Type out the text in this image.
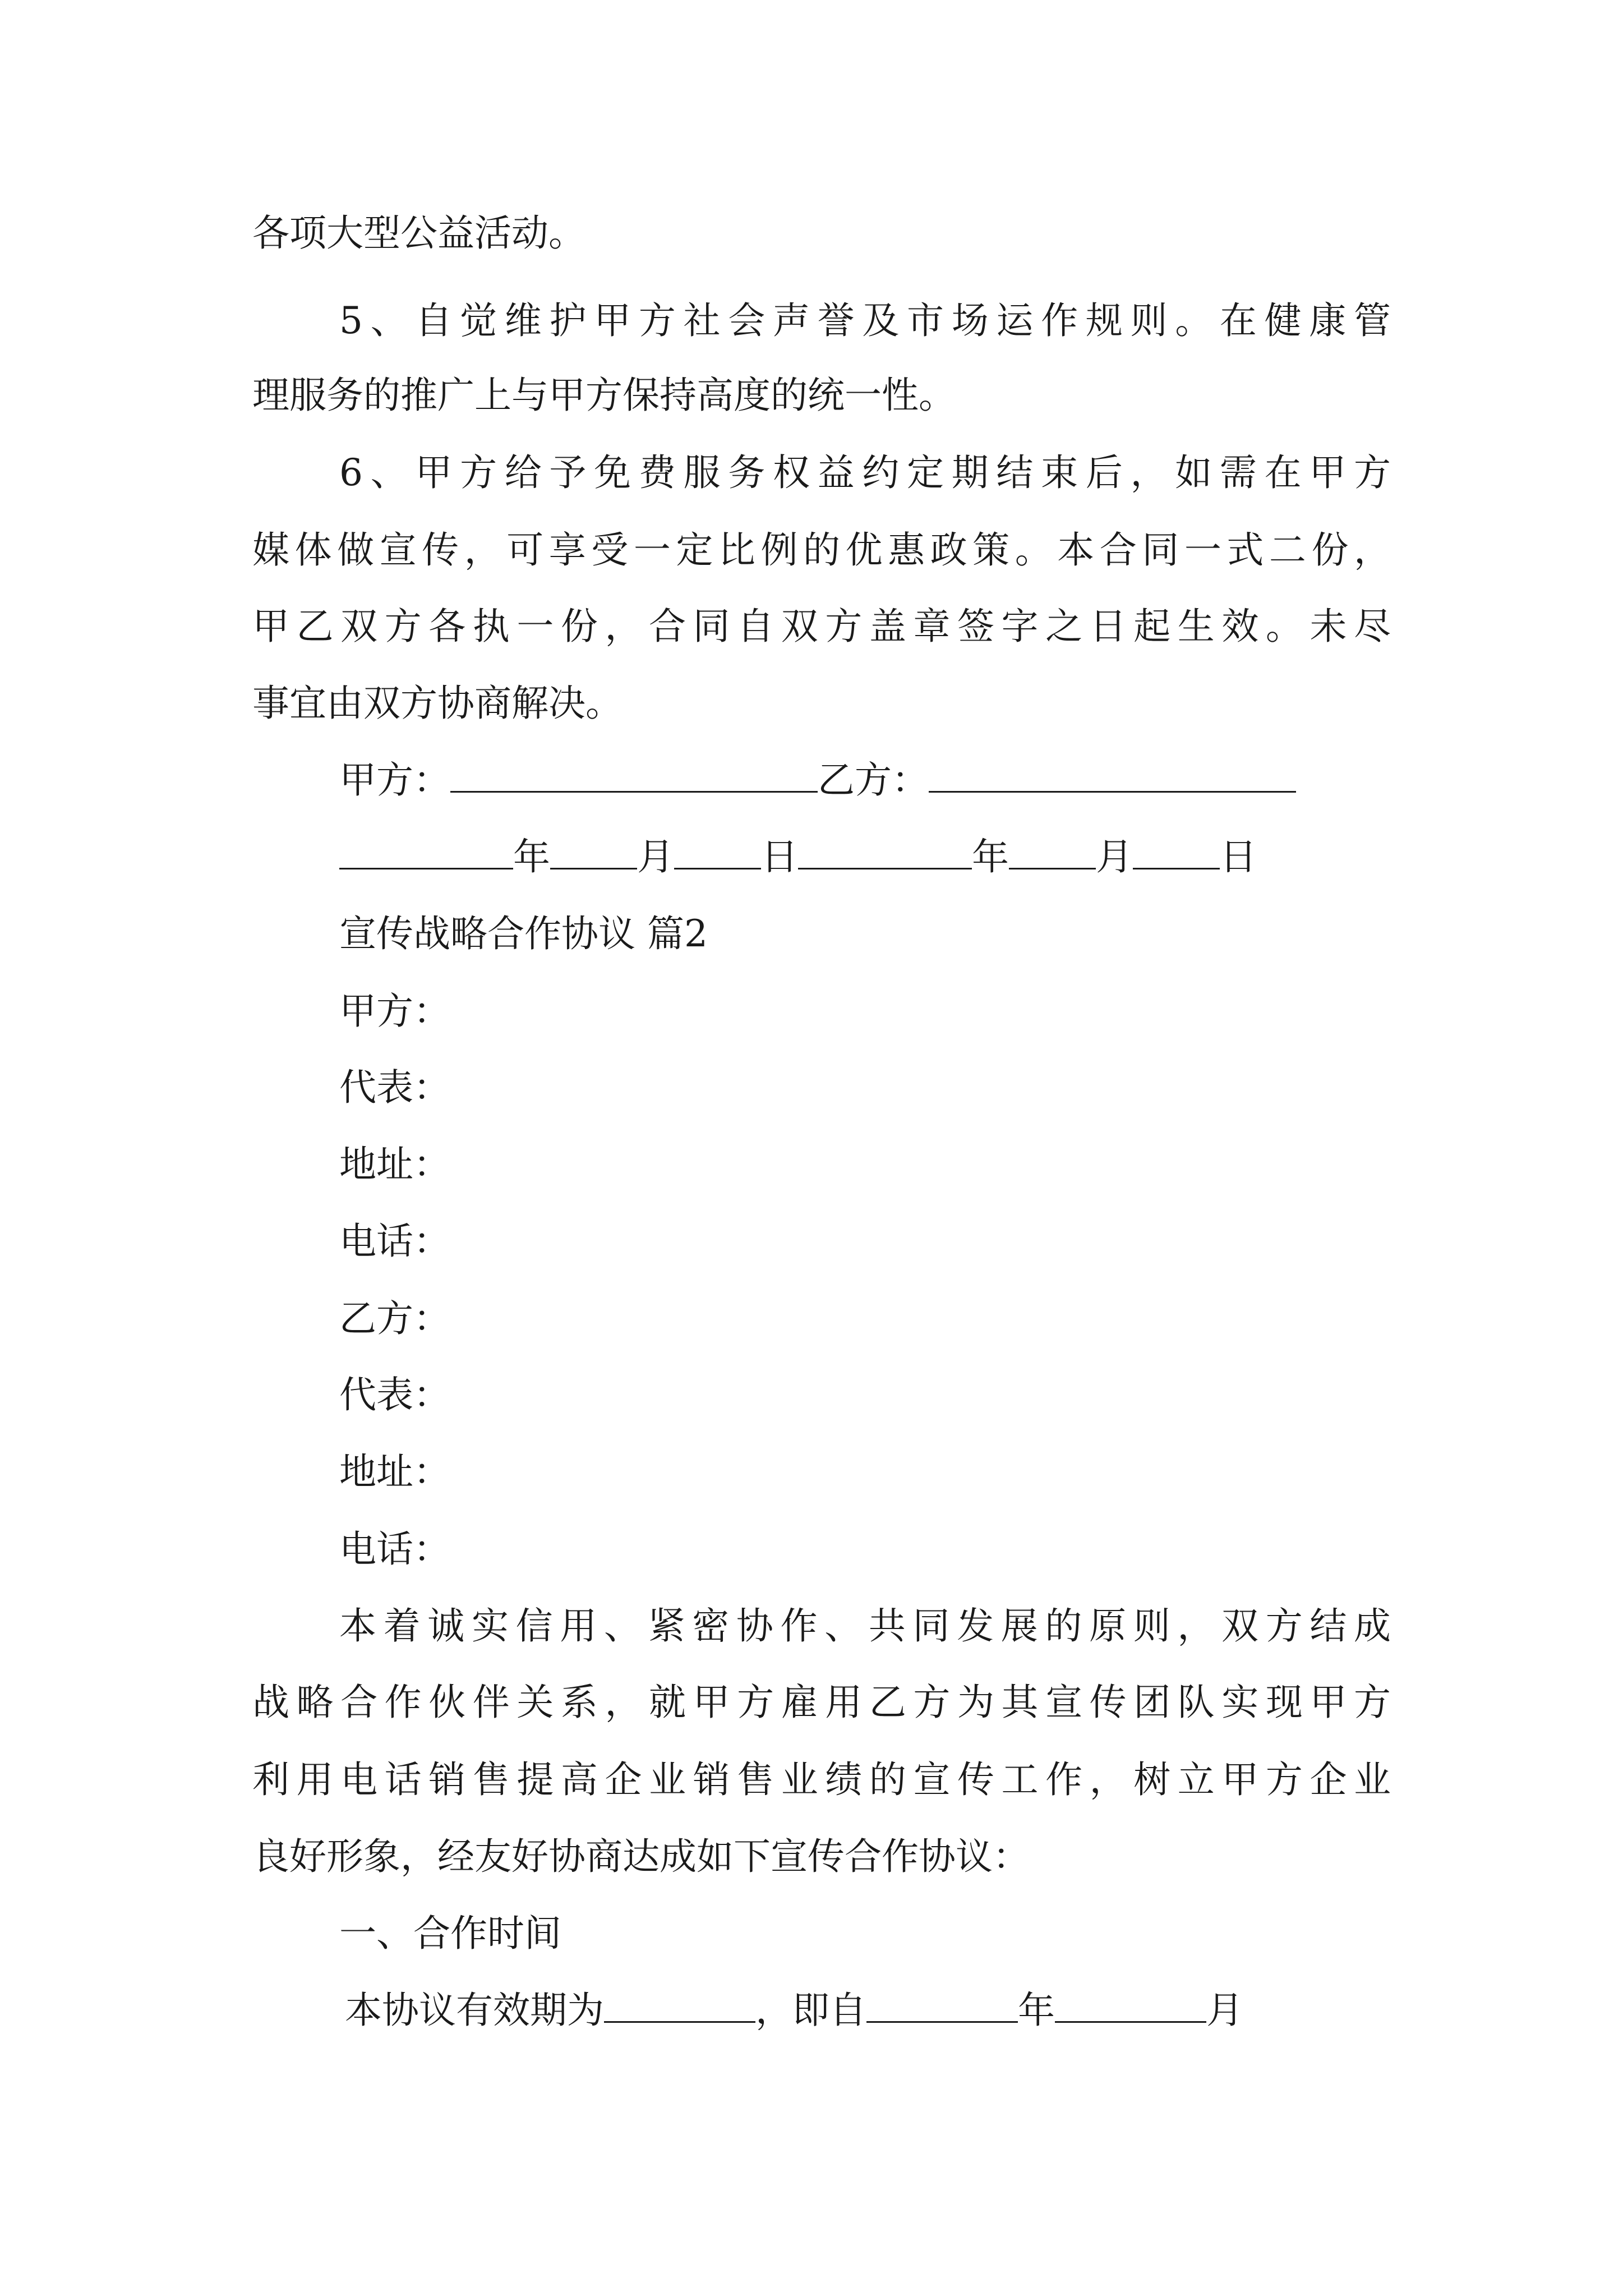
各项大型公益活动。
5、自觉维护甲方社会声誉及市场运作规则。在健康管
理服务的推广上与甲方保持高度的统一性。
6、甲方给予免费服务权益约定期结束后，如需在甲方
媒体做宣传，可享受一定比例的优惠政策。本合同一式二份，
甲乙双方各执一份，合同自双方盖章签字之日起生效。未尽
事宜由双方协商解决。
甲方：	乙方：
年 月 日	年 月 日
宣传战略合作协议 篇2
甲方：
代表：
地址：
电话：
乙方：
代表：
地址：
电话：
本着诚实信用、紧密协作、共同发展的原则，双方结成
战略合作伙伴关系，就甲方雇用乙方为其宣传团队实现甲方
利用电话销售提高企业销售业绩的宣传工作，树立甲方企业
良好形象，经友好协商达成如下宣传合作协议：
一、合作时间
本协议有效期为	，即自	年	月
